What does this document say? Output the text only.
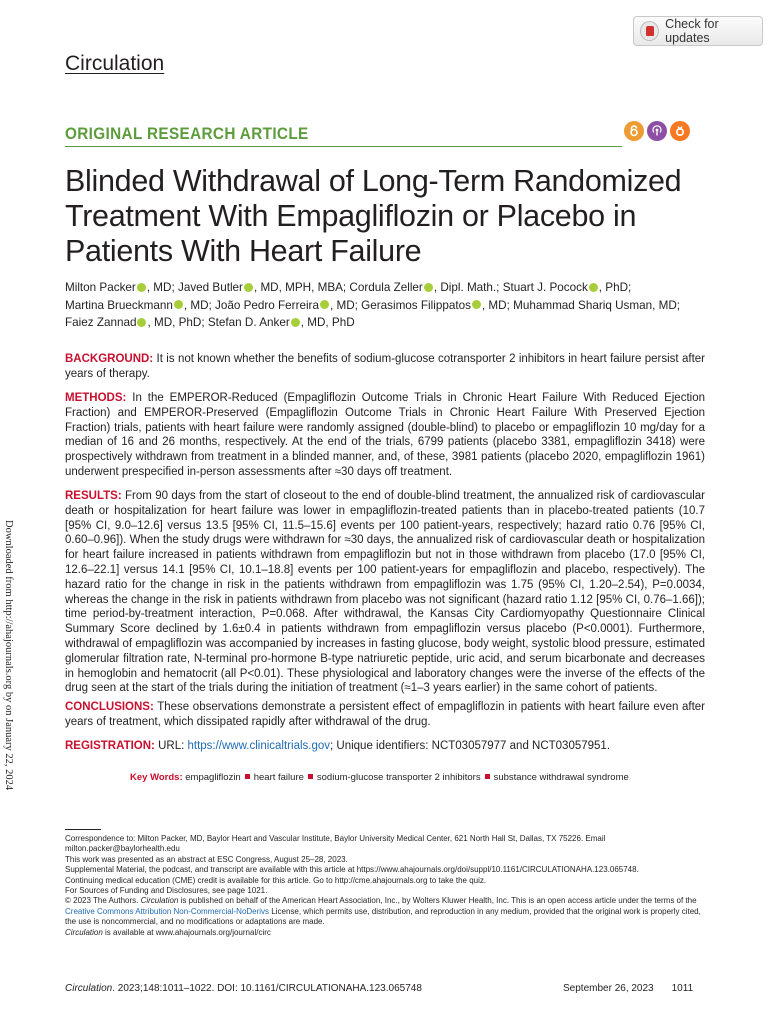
Check for updates
Circulation
ORIGINAL RESEARCH ARTICLE
Blinded Withdrawal of Long-Term Randomized Treatment With Empagliflozin or Placebo in Patients With Heart Failure
Milton Packer , MD; Javed Butler , MD, MPH, MBA; Cordula Zeller , Dipl. Math.; Stuart J. Pocock , PhD;
Martina Brueckmann , MD; João Pedro Ferreira , MD; Gerasimos Filippatos , MD; Muhammad Shariq Usman, MD;
Faiez Zannad , MD, PhD; Stefan D. Anker , MD, PhD

BACKGROUND: It is not known whether the benefits of sodium-glucose cotransporter 2 inhibitors in heart failure persist after years of therapy.

METHODS: In the EMPEROR-Reduced (Empagliflozin Outcome Trials in Chronic Heart Failure With Reduced Ejection Fraction) and EMPEROR-Preserved (Empagliflozin Outcome Trials in Chronic Heart Failure With Preserved Ejection Fraction) trials, patients with heart failure were randomly assigned (double-blind) to placebo or empagliflozin 10 mg/day for a median of 16 and 26 months, respectively. At the end of the trials, 6799 patients (placebo 3381, empagliflozin 3418) were prospectively withdrawn from treatment in a blinded manner, and, of these, 3981 patients (placebo 2020, empagliflozin 1961) underwent prespecified in-person assessments after ≈30 days off treatment.

RESULTS: From 90 days from the start of closeout to the end of double-blind treatment, the annualized risk of cardiovascular death or hospitalization for heart failure was lower in empagliflozin-treated patients than in placebo-treated patients (10.7 [95% CI, 9.0–12.6] versus 13.5 [95% CI, 11.5–15.6] events per 100 patient-years, respectively; hazard ratio 0.76 [95% CI, 0.60–0.96]). When the study drugs were withdrawn for ≈30 days, the annualized risk of cardiovascular death or hospitalization for heart failure increased in patients withdrawn from empagliflozin but not in those withdrawn from placebo (17.0 [95% CI, 12.6–22.1] versus 14.1 [95% CI, 10.1–18.8] events per 100 patient-years for empagliflozin and placebo, respectively). The hazard ratio for the change in risk in the patients withdrawn from empagliflozin was 1.75 (95% CI, 1.20–2.54), P=0.0034, whereas the change in the risk in patients withdrawn from placebo was not significant (hazard ratio 1.12 [95% CI, 0.76–1.66]); time period-by-treatment interaction, P=0.068. After withdrawal, the Kansas City Cardiomyopathy Questionnaire Clinical Summary Score declined by 1.6±0.4 in patients withdrawn from empagliflozin versus placebo (P<0.0001). Furthermore, withdrawal of empagliflozin was accompanied by increases in fasting glucose, body weight, systolic blood pressure, estimated glomerular filtration rate, N-terminal pro-hormone B-type natriuretic peptide, uric acid, and serum bicarbonate and decreases in hemoglobin and hematocrit (all P<0.01). These physiological and laboratory changes were the inverse of the effects of the drug seen at the start of the trials during the initiation of treatment (≈1–3 years earlier) in the same cohort of patients.

CONCLUSIONS: These observations demonstrate a persistent effect of empagliflozin in patients with heart failure even after years of treatment, which dissipated rapidly after withdrawal of the drug.

REGISTRATION: URL: https://www.clinicaltrials.gov; Unique identifiers: NCT03057977 and NCT03057951.

Key Words: empagliflozin heart failure sodium-glucose transporter 2 inhibitors substance withdrawal syndrome
Downloaded from http://ahajournals.org by on January 22, 2024

Correspondence to: Milton Packer, MD, Baylor Heart and Vascular Institute, Baylor University Medical Center, 621 North Hall St, Dallas, TX 75226. Email milton.packer@baylorhealth.edu

This work was presented as an abstract at ESC Congress, August 25–28, 2023.

Supplemental Material, the podcast, and transcript are available with this article at https://www.ahajournals.org/doi/suppl/10.1161/CIRCULATIONAHA.123.065748.

Continuing medical education (CME) credit is available for this article. Go to http://cme.ahajournals.org to take the quiz.

For Sources of Funding and Disclosures, see page 1021.

© 2023 The Authors. Circulation is published on behalf of the American Heart Association, Inc., by Wolters Kluwer Health, Inc. This is an open access article under the terms of the Creative Commons Attribution Non-Commercial-NoDerivs License, which permits use, distribution, and reproduction in any medium, provided that the original work is properly cited, the use is noncommercial, and no modifications or adaptations are made.

Circulation is available at www.ahajournals.org/journal/circ

Circulation. 2023;148:1011–1022. DOI: 10.1161/CIRCULATIONAHA.123.065748	September 26, 2023 1011
